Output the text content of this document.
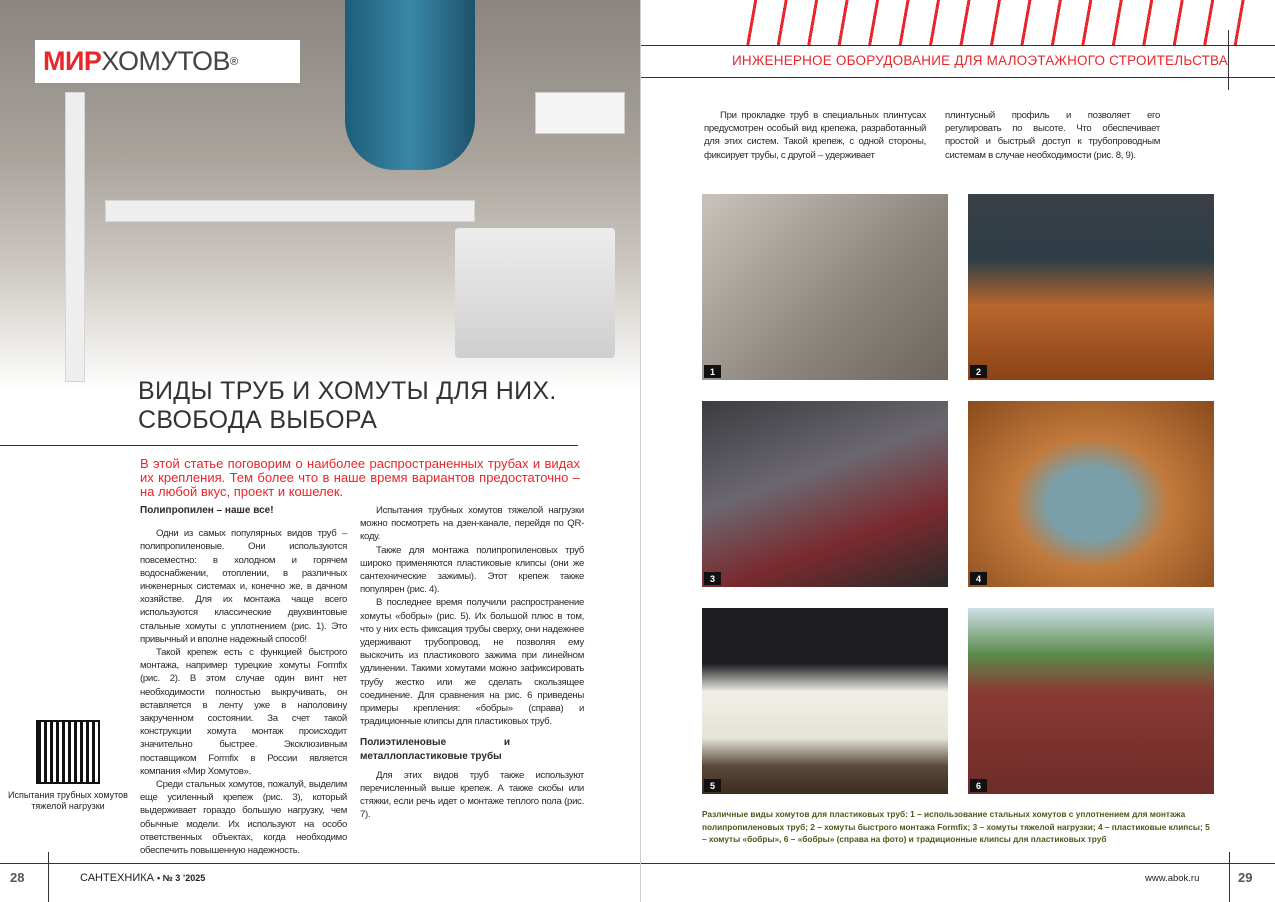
МИР ХОМУТОВ ®
ВИДЫ ТРУБ И ХОМУТЫ ДЛЯ НИХ.
СВОБОДА ВЫБОРА
В этой статье поговорим о наиболее распространенных трубах и видах их крепления. Тем более что в наше время вариантов предостаточно – на любой вкус, проект и кошелек.
Полипропилен – наше все!

Одни из самых популярных видов труб – полипропиленовые. Они используются повсеместно: в холодном и горячем водоснабжении, отоплении, в различных инженерных системах и, конечно же, в дачном хозяйстве. Для их монтажа чаще всего используются классические двухвинтовые стальные хомуты с уплотнением (рис. 1). Это привычный и вполне надежный способ!

Такой крепеж есть с функцией быстрого монтажа, например турецкие хомуты Formfix (рис. 2). В этом случае один винт нет необходимости полностью выкручивать, он вставляется в ленту уже в наполовину закрученном состоянии. За счет такой конструкции хомута монтаж происходит значительно быстрее. Эксклюзивным поставщиком Formfix в России является компания «Мир Хомутов».

Среди стальных хомутов, пожалуй, выделим еще усиленный крепеж (рис. 3), который выдерживает гораздо большую нагрузку, чем обычные модели. Их используют на особо ответственных объектах, когда необходимо обеспечить повышенную надежность.

Испытания трубных хомутов тяжелой нагрузки можно посмотреть на дзен-канале, перейдя по QR-коду.

Также для монтажа полипропиленовых труб широко применяются пластиковые клипсы (они же сантехнические зажимы). Этот крепеж также популярен (рис. 4).

В последнее время получили распространение хомуты «бобры» (рис. 5). Их большой плюс в том, что у них есть фиксация трубы сверху, они надежнее удерживают трубопровод, не позволяя ему выскочить из пластикового зажима при линейном удлинении. Такими хомутами можно зафиксировать трубу жестко или же сделать скользящее соединение. Для сравнения на рис. 6 приведены примеры крепления: «бобры» (справа) и традиционные клипсы для пластиковых труб.

Полиэтиленовые и металлопластиковые трубы

Для этих видов труб также используют перечисленный выше крепеж. А также скобы или стяжки, если речь идет о монтаже теплого пола (рис. 7).

Испытания трубных хомутов тяжелой нагрузки
28	САНТЕХНИКА • № 3 ’2025
ИНЖЕНЕРНОЕ ОБОРУДОВАНИЕ ДЛЯ МАЛОЭТАЖНОГО СТРОИТЕЛЬСТВА

При прокладке труб в специальных плинтусах предусмотрен особый вид крепежа, разработанный для этих систем. Такой крепеж, с одной стороны, фиксирует трубы, с другой – удерживает

плинтусный профиль и позволяет его регулировать по высоте. Что обеспечивает простой и быстрый доступ к трубопроводным системам в случае необходимости (рис. 8, 9).

1	2
3	4
5	6
Различные виды хомутов для пластиковых труб: 1 – использование стальных хомутов с уплотнением для монтажа полипропиленовых труб; 2 – хомуты быстрого монтажа Formfix; 3 – хомуты тяжелой нагрузки; 4 – пластиковые клипсы; 5 – хомуты «бобры», 6 – «бобры» (справа на фото) и традиционные клипсы для пластиковых труб
www.abok.ru	29
